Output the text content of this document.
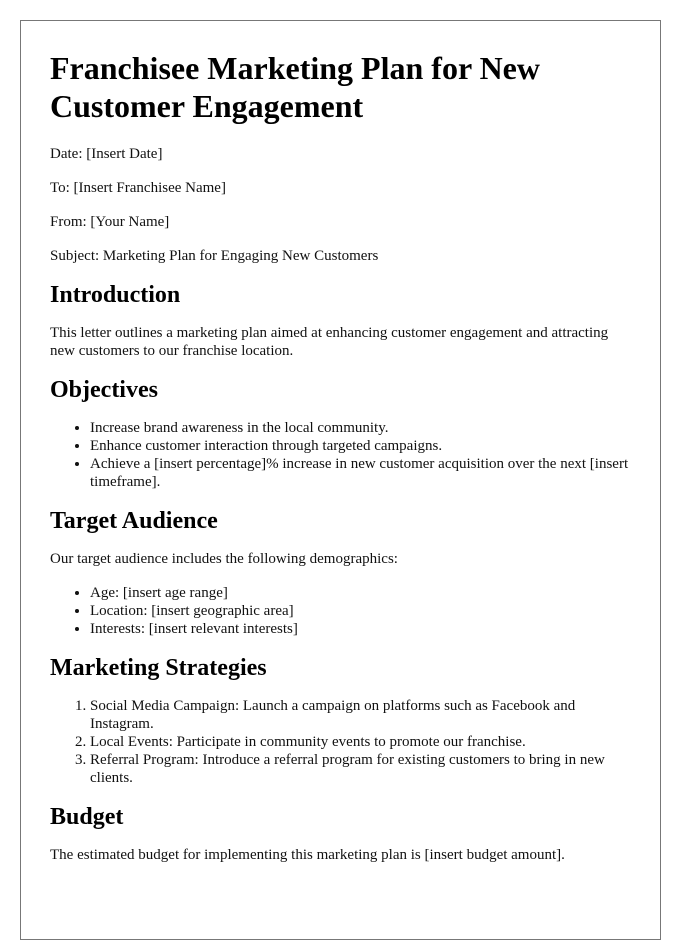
Franchisee Marketing Plan for New Customer Engagement

Date: [Insert Date]

To: [Insert Franchisee Name]

From: [Your Name]

Subject: Marketing Plan for Engaging New Customers

Introduction

This letter outlines a marketing plan aimed at enhancing customer engagement and attracting new customers to our franchise location.

Objectives
• Increase brand awareness in the local community.
• Enhance customer interaction through targeted campaigns.
• Achieve a [insert percentage]% increase in new customer acquisition over the next [insert timeframe].
Target Audience

Our target audience includes the following demographics:

• Age: [insert age range]
• Location: [insert geographic area]
• Interests: [insert relevant interests]
Marketing Strategies
1. Social Media Campaign: Launch a campaign on platforms such as Facebook and Instagram.
2. Local Events: Participate in community events to promote our franchise.
3. Referral Program: Introduce a referral program for existing customers to bring in new clients.
Budget

The estimated budget for implementing this marketing plan is [insert budget amount].
